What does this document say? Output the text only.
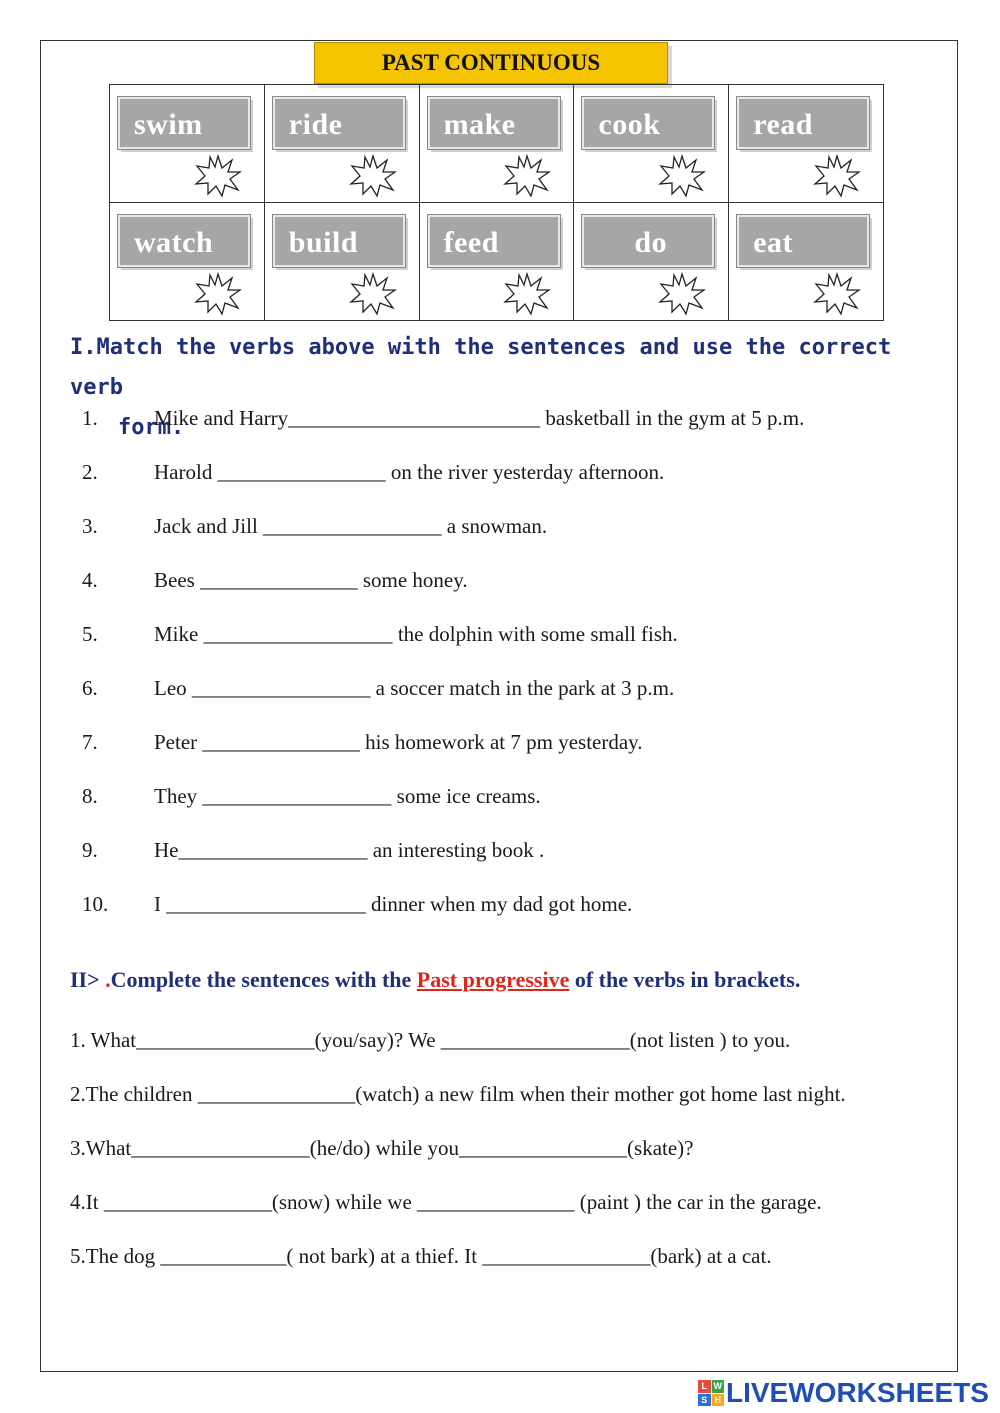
PAST CONTINUOUS
swim	ride	make	cook	read

watch	build	feed	do	eat
I.Match the verbs above with the sentences and use the correct verb
form.
1.	Mike and Harry________________________ basketball in the gym at 5 p.m.
2.	Harold ________________ on the river yesterday afternoon.
3.	Jack and Jill _________________ a snowman.
4.	Bees _______________ some honey.
5.	Mike __________________ the dolphin with some small fish.
6.	Leo _________________ a soccer match in the park at 3 p.m.
7.	Peter _______________ his homework at 7 pm yesterday.
8.	They __________________ some ice creams.
9.	He__________________ an interesting book .
10.	I ___________________ dinner when my dad got home.
II> .Complete the sentences with the Past progressive of the verbs in brackets.
1. What_________________(you/say)? We __________________(not listen ) to you.
2.The children _______________(watch) a new film when their mother got home last night.
3.What_________________(he/do) while you________________(skate)?
4.It ________________(snow) while we _______________ (paint ) the car in the garage.
5.The dog ____________( not bark) at a thief. It ________________(bark) at a cat.
L W
S H LIVEWORKSHEETS
